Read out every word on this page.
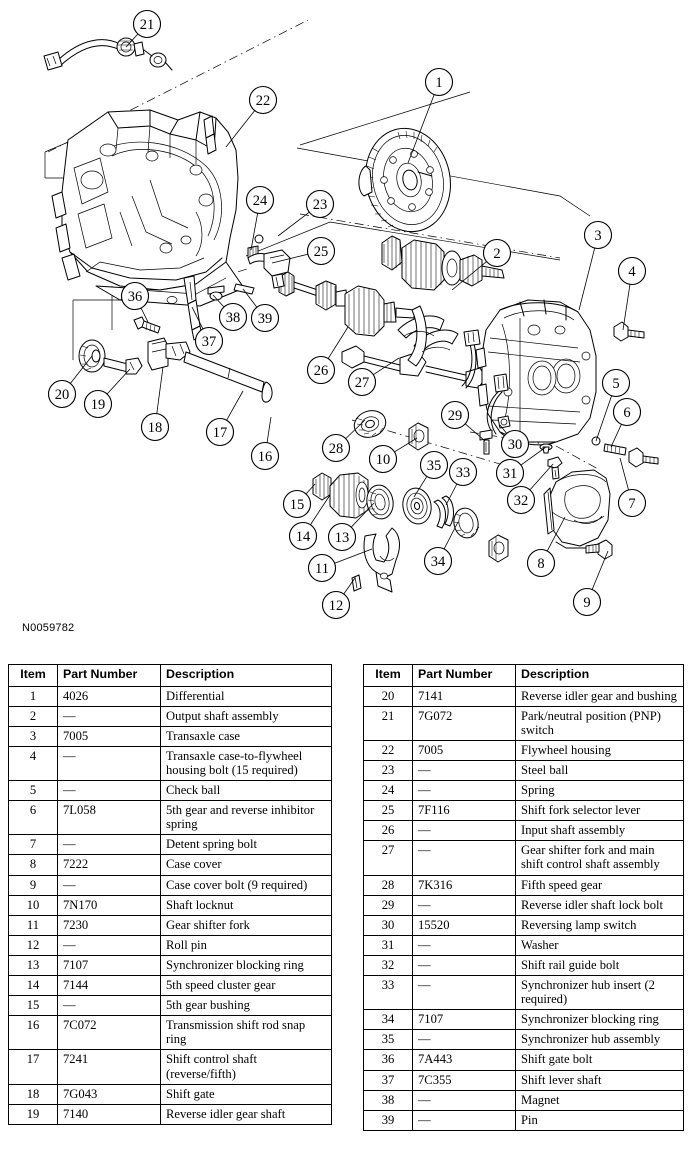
1
2
3
4
5
6
7
8
9
10
11
12
13
14
15
16
17
18
19
20
21
22
23
24
25
26
27
28
29
30
31
32
33
34
35
36
37
38 39
N0059782
Item	Part Number	Description
1	4026	Differential
2	—	Output shaft assembly
3	7005	Transaxle case
4	—	Transaxle case-to-flywheel housing bolt (15 required)
5	—	Check ball
6	7L058	5th gear and reverse inhibitor spring
7	—	Detent spring bolt
8	7222	Case cover
9	—	Case cover bolt (9 required)
10	7N170	Shaft locknut
11	7230	Gear shifter fork
12	—	Roll pin
13	7107	Synchronizer blocking ring
14	7144	5th speed cluster gear
15	—	5th gear bushing
16	7C072	Transmission shift rod snap ring
17	7241	Shift control shaft (reverse/fifth)
18	7G043	Shift gate
19	7140	Reverse idler gear shaft
Item	Part Number	Description
20	7141	Reverse idler gear and bushing
21	7G072	Park/neutral position (PNP) switch
22	7005	Flywheel housing
23	—	Steel ball
24	—	Spring
25	7F116	Shift fork selector lever
26	—	Input shaft assembly
27	—	Gear shifter fork and main shift control shaft assembly
28	7K316	Fifth speed gear
29	—	Reverse idler shaft lock bolt
30	15520	Reversing lamp switch
31	—	Washer
32	—	Shift rail guide bolt
33	—	Synchronizer hub insert (2 required)
34	7107	Synchronizer blocking ring
35	—	Synchronizer hub assembly
36	7A443	Shift gate bolt
37	7C355	Shift lever shaft
38	—	Magnet
39	—	Pin
